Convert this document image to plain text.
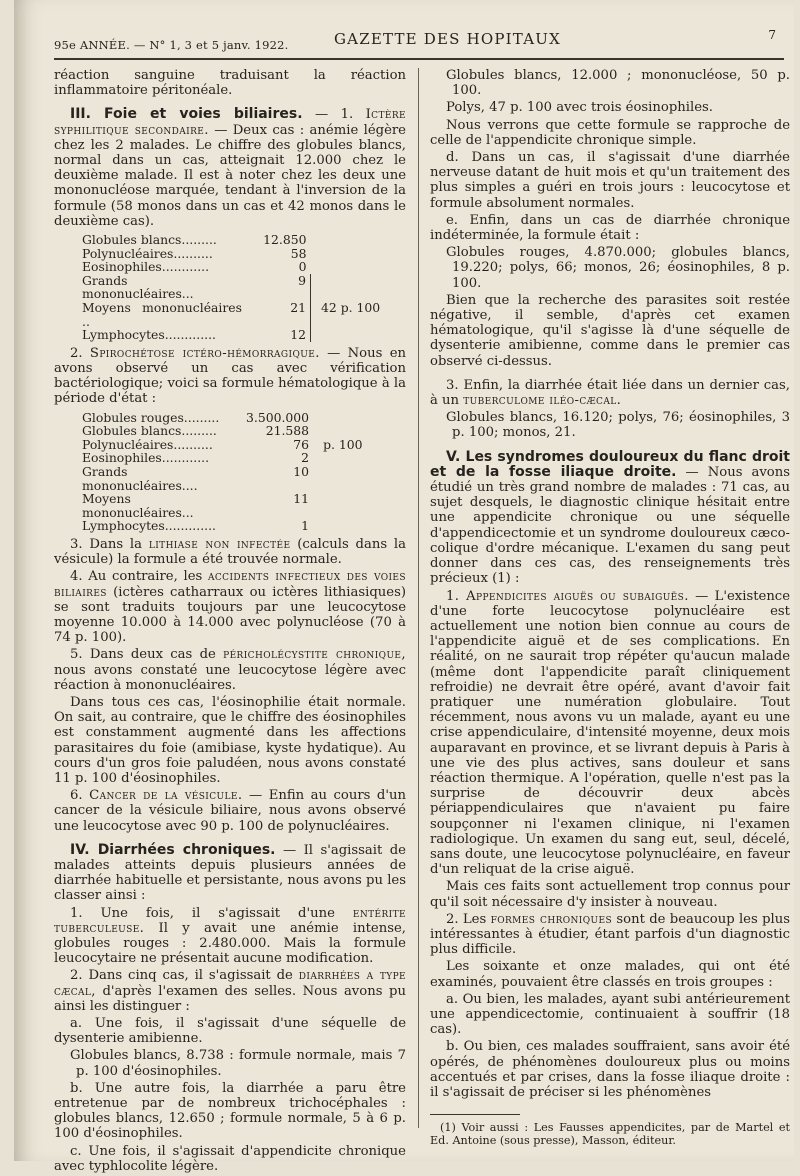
95e ANNÉE. — N° 1, 3 et 5 janv. 1922.	GAZETTE DES HOPITAUX	7

réaction sanguine traduisant la réaction inflammatoire péritonéale.

III. Foie et voies biliaires. — 1. Ictère syphilitique secondaire. — Deux cas : anémie légère chez les 2 malades. Le chiffre des globules blancs, normal dans un cas, atteignait 12.000 chez le deuxième malade. Il est à noter chez les deux une mononucléose marquée, tendant à l'inversion de la formule (58 monos dans un cas et 42 monos dans le deuxième cas).

Globules blancs.........	12.850	
Polynucléaires..........	58	
Eosinophiles............	0	
Grands mononucléaires...	9	42 p. 100
Moyens mononucléaires ..	21	
Lymphocytes.............	12	

2. Spirochétose ictéro-hémorragique. — Nous en avons observé un cas avec vérification bactériologique; voici sa formule hématologique à la période d'état :

Globules rouges.........	3.500.000	
Globules blancs.........	21.588	
Polynucléaires..........	76	p. 100
Eosinophiles............	2	
Grands mononucléaires....	10	
Moyens mononucléaires...	11	
Lymphocytes.............	1	

3. Dans la lithiase non infectée (calculs dans la vésicule) la formule a été trouvée normale.

4. Au contraire, les accidents infectieux des voies biliaires (ictères catharraux ou ictères lithiasiques) se sont traduits toujours par une leucocytose moyenne 10.000 à 14.000 avec polynucléose (70 à 74 p. 100).

5. Dans deux cas de péricholécystite chronique, nous avons constaté une leucocytose légère avec réaction à mononucléaires.

Dans tous ces cas, l'éosinophilie était normale. On sait, au contraire, que le chiffre des éosinophiles est constamment augmenté dans les affections parasitaires du foie (amibiase, kyste hydatique). Au cours d'un gros foie paludéen, nous avons constaté 11 p. 100 d'éosinophiles.

6. Cancer de la vésicule. — Enfin au cours d'un cancer de la vésicule biliaire, nous avons observé une leucocytose avec 90 p. 100 de polynucléaires.

IV. Diarrhées chroniques. — Il s'agissait de malades atteints depuis plusieurs années de diarrhée habituelle et persistante, nous avons pu les classer ainsi :

1. Une fois, il s'agissait d'une entérite tuberculeuse. Il y avait une anémie intense, globules rouges : 2.480.000. Mais la formule leucocytaire ne présentait aucune modification.

2. Dans cinq cas, il s'agissait de diarrhées a type cæcal, d'après l'examen des selles. Nous avons pu ainsi les distinguer :

a. Une fois, il s'agissait d'une séquelle de dysenterie amibienne.

Globules blancs, 8.738 : formule normale, mais 7 p. 100 d'éosinophiles.

b. Une autre fois, la diarrhée a paru être entretenue par de nombreux trichocéphales : globules blancs, 12.650 ; formule normale, 5 à 6 p. 100 d'éosinophiles.

c. Une fois, il s'agissait d'appendicite chronique avec typhlocolite légère.

Globules blancs, 12.000 ; mononucléose, 50 p. 100.

Polys, 47 p. 100 avec trois éosinophiles.

Nous verrons que cette formule se rapproche de celle de l'appendicite chronique simple.

d. Dans un cas, il s'agissait d'une diarrhée nerveuse datant de huit mois et qu'un traitement des plus simples a guéri en trois jours : leucocytose et formule absolument normales.

e. Enfin, dans un cas de diarrhée chronique indéterminée, la formule était :

Globules rouges, 4.870.000; globules blancs, 19.220; polys, 66; monos, 26; éosinophiles, 8 p. 100.

Bien que la recherche des parasites soit restée négative, il semble, d'après cet examen hématologique, qu'il s'agisse là d'une séquelle de dysenterie amibienne, comme dans le premier cas observé ci-dessus.

3. Enfin, la diarrhée était liée dans un dernier cas, à un tuberculome iléo-cæcal.

Globules blancs, 16.120; polys, 76; éosinophiles, 3 p. 100; monos, 21.

V. Les syndromes douloureux du flanc droit et de la fosse iliaque droite. — Nous avons étudié un très grand nombre de malades : 71 cas, au sujet desquels, le diagnostic clinique hésitait entre une appendicite chronique ou une séquelle d'appendicectomie et un syndrome douloureux cæco-colique d'ordre mécanique. L'examen du sang peut donner dans ces cas, des renseignements très précieux (1) :

1. Appendicites aiguës ou subaiguës. — L'existence d'une forte leucocytose polynucléaire est actuellement une notion bien connue au cours de l'appendicite aiguë et de ses complications. En réalité, on ne saurait trop répéter qu'aucun malade (même dont l'appendicite paraît cliniquement refroidie) ne devrait être opéré, avant d'avoir fait pratiquer une numération globulaire. Tout récemment, nous avons vu un malade, ayant eu une crise appendiculaire, d'intensité moyenne, deux mois auparavant en province, et se livrant depuis à Paris à une vie des plus actives, sans douleur et sans réaction thermique. A l'opération, quelle n'est pas la surprise de découvrir deux abcès périappendiculaires que n'avaient pu faire soupçonner ni l'examen clinique, ni l'examen radiologique. Un examen du sang eut, seul, décelé, sans doute, une leucocytose polynucléaire, en faveur d'un reliquat de la crise aiguë.

Mais ces faits sont actuellement trop connus pour qu'il soit nécessaire d'y insister à nouveau.

2. Les formes chroniques sont de beaucoup les plus intéressantes à étudier, étant parfois d'un diagnostic plus difficile.

Les soixante et onze malades, qui ont été examinés, pouvaient être classés en trois groupes :

a. Ou bien, les malades, ayant subi antérieurement une appendicectomie, continuaient à souffrir (18 cas).

b. Ou bien, ces malades souffraient, sans avoir été opérés, de phénomènes douloureux plus ou moins accentués et par crises, dans la fosse iliaque droite : il s'agissait de préciser si les phénomènes

(1) Voir aussi : Les Fausses appendicites, par de Martel et Ed. Antoine (sous presse), Masson, éditeur.
